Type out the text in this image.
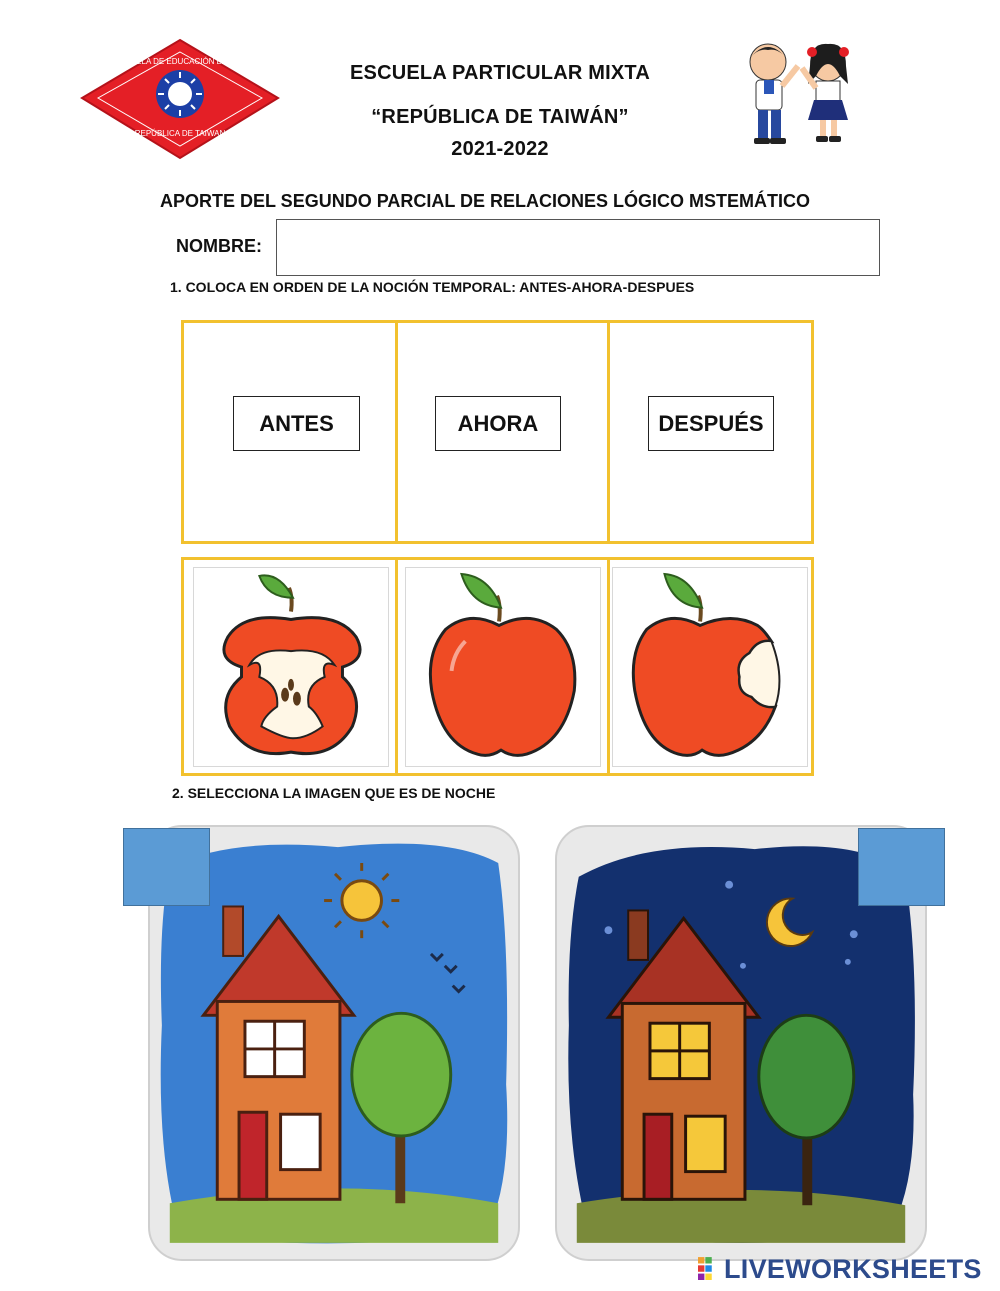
ESCUELA DE EDUCACIÓN BÁSICA
REPÚBLICA DE TAIWAN
ESCUELA PARTICULAR MIXTA
“REPÚBLICA DE TAIWÁN”
2021-2022
APORTE DEL SEGUNDO PARCIAL DE RELACIONES LÓGICO MSTEMÁTICO
NOMBRE:
1. COLOCA EN ORDEN DE LA NOCIÓN TEMPORAL: ANTES-AHORA-DESPUES
ANTES	AHORA	DESPUÉS
2. SELECCIONA LA IMAGEN QUE ES DE NOCHE
LIVEWORKSHEETS
